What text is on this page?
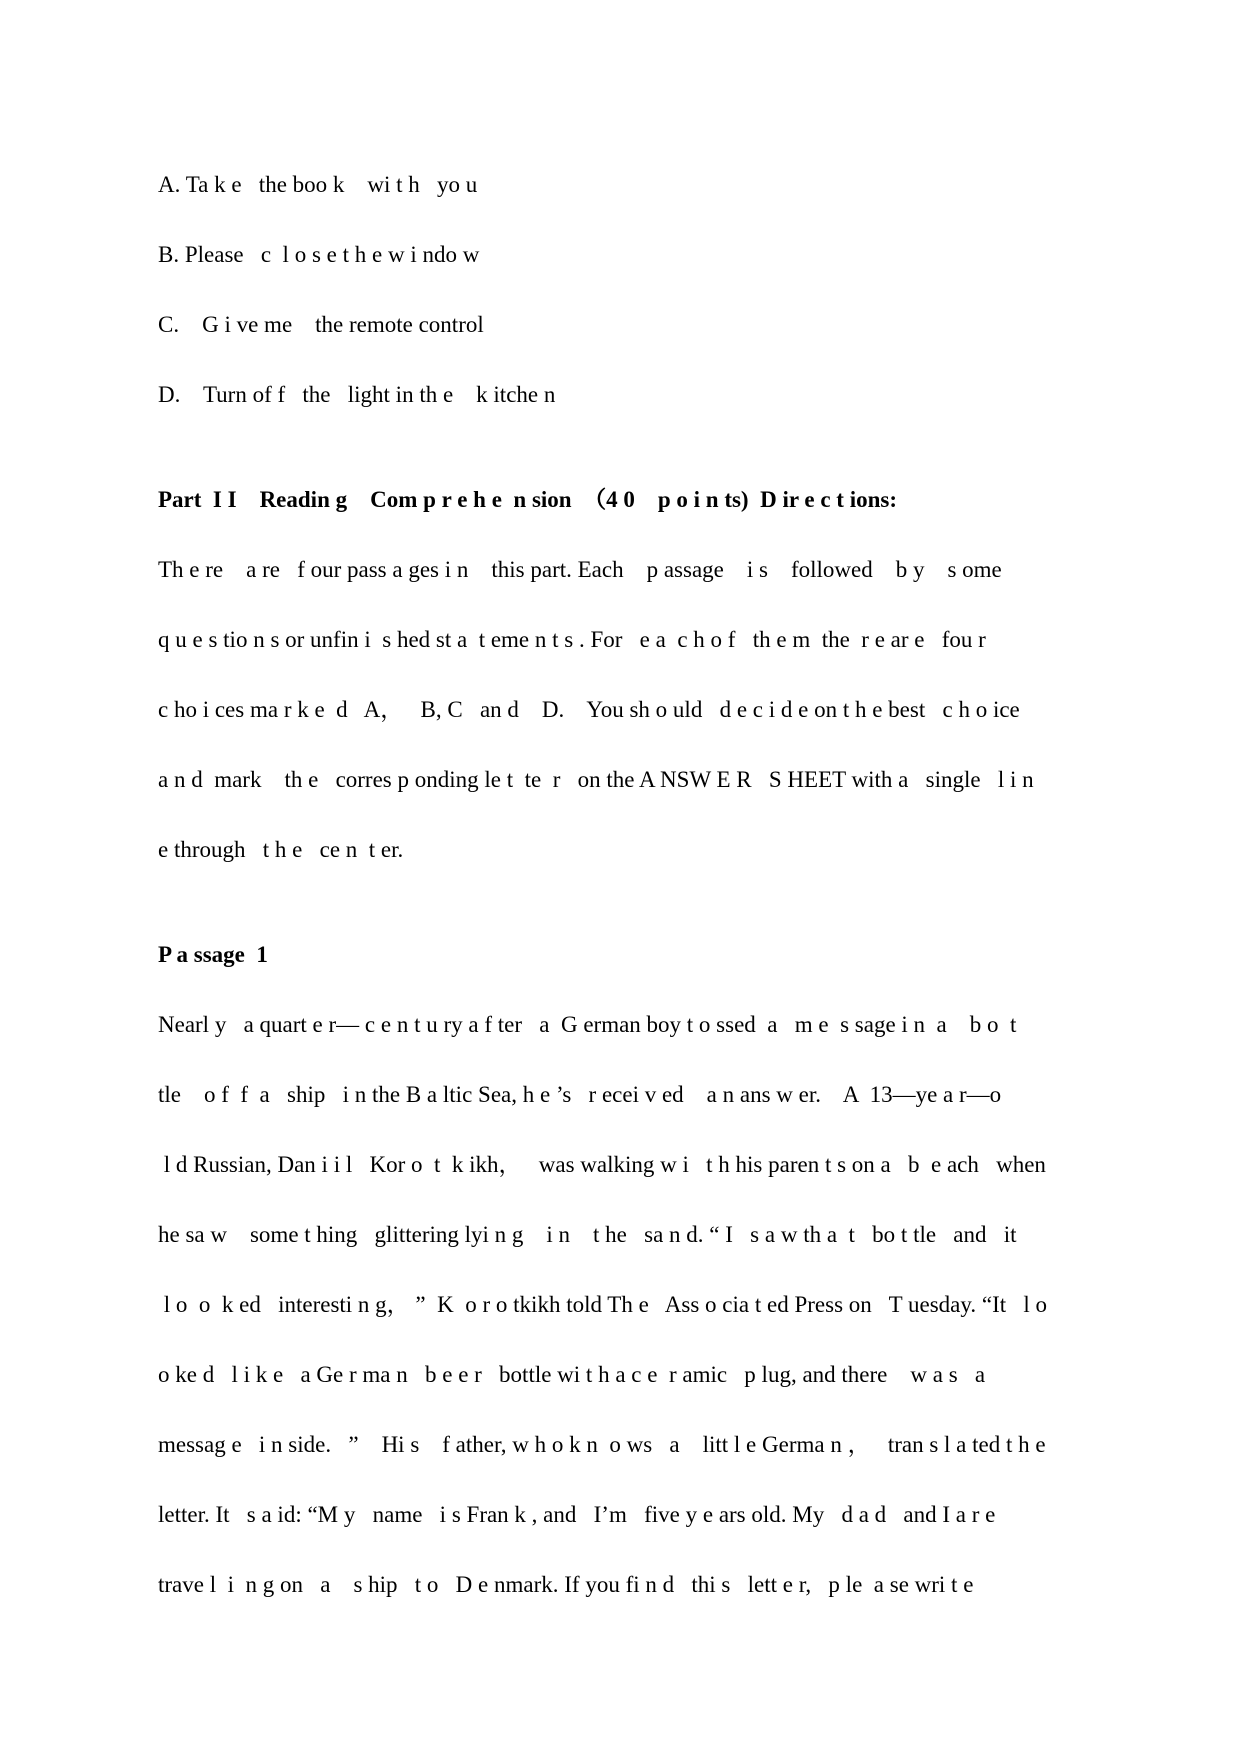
A. Ta k e   the boo k    wi t h   yo u
B. Please   c  l o s e t h e w i ndo w
C.    G i ve me    the remote control
D.    Turn of f   the   light in th e    k itche n
Part  I I    Readin g    Com p r e h e  n sion  （4 0    p o i n ts)  D ir e c t ions:
Th e re    a re   f our pass a ges i n    this part. Each    p assage    i s    followed    b y    s ome
q u e s tio n s or unfin i  s hed st a  t eme n t s . For   e a  c h o f   th e m  the  r e ar e   fou r
c ho i ces ma r k e  d   A，   B, C   an d    D.    You sh o uld   d e c i d e on t h e best   c h o ice
a n d  mark    th e   corres p onding le t  te  r   on the A NSW E R   S HEET with a   single   l i n
e through   t h e   ce n  t er.
P a ssage  1
Nearl y   a quart e r— c e n t u ry a f ter   a  G erman boy t o ssed  a   m e  s sage i n  a    b o  t
tle    o f  f  a   ship   i n the B a ltic Sea, h e ’s   r ecei v ed    a n ans w er.    A  13—ye a r—o
l d Russian, Dan i i l   Kor o  t  k ikh，   was walking w i   t h his paren t s on a   b  e ach   when
he sa w    some t hing   glittering lyi n g    i n    t he   sa n d. “ I   s a w th a  t   bo t tle   and   it
l o  o  k ed   interesti n g， ”  K  o r o tkikh told Th e   Ass o cia t ed Press on   T uesday. “It   l o
o ke d   l i k e   a Ge r ma n   b e e r   bottle wi t h a c e  r amic   p lug, and there    w a s   a
messag e   i n side.   ”    Hi s    f ather, w h o k n  o ws   a    litt l e Germa n ，   tran s l a ted t h e
letter. It   s a id: “M y   name   i s Fran k , and   I’m   five y e ars old. My   d a d   and I a r e
trave l  i  n g on   a    s hip   t o   D e nmark. If you fi n d   thi s   lett e r,   p le  a se wri t e
